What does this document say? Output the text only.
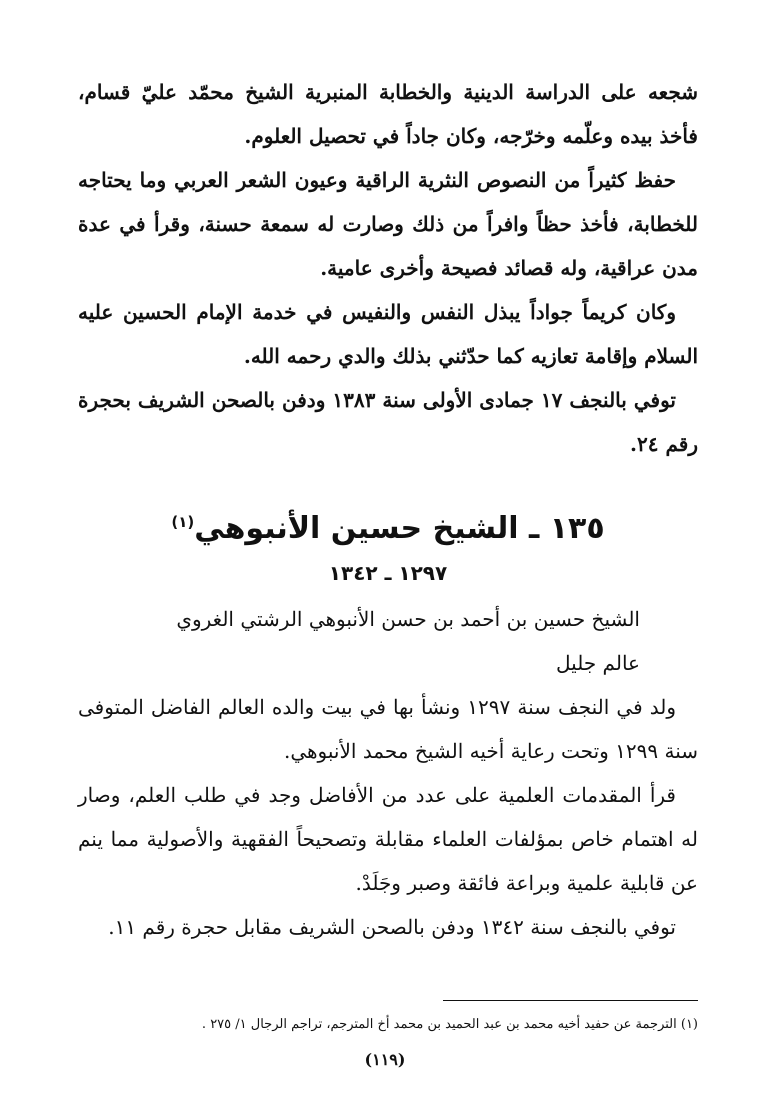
شجعه على الدراسة الدينية والخطابة المنبرية الشيخ محمّد عليّ قسام، فأخذ بيده وعلّمه وخرّجه، وكان جاداً في تحصيل العلوم.

حفظ كثيراً من النصوص النثرية الراقية وعيون الشعر العربي وما يحتاجه للخطابة، فأخذ حظاً وافراً من ذلك وصارت له سمعة حسنة، وقرأ في عدة مدن عراقية، وله قصائد فصيحة وأخرى عامية.

وكان كريماً جواداً يبذل النفس والنفيس في خدمة الإمام الحسين عليه السلام وإقامة تعازيه كما حدّثني بذلك والدي رحمه الله.

توفي بالنجف ١٧ جمادى الأولى سنة ١٣٨٣ ودفن بالصحن الشريف بحجرة رقم ٢٤.

١٣٥ ـ الشيخ حسين الأنبوهي$^{(١)}$
١٢٩٧ ـ ١٣٤٢

الشيخ حسين بن أحمد بن حسن الأنبوهي الرشتي الغروي

عالم جليل

ولد في النجف سنة ١٢٩٧ ونشأ بها في بيت والده العالم الفاضل المتوفى سنة ١٢٩٩ وتحت رعاية أخيه الشيخ محمد الأنبوهي.

قرأ المقدمات العلمية على عدد من الأفاضل وجد في طلب العلم، وصار له اهتمام خاص بمؤلفات العلماء مقابلة وتصحيحاً الفقهية والأصولية مما ينم عن قابلية علمية وبراعة فائقة وصبر وجَلَدْ.

توفي بالنجف سنة ١٣٤٢ ودفن بالصحن الشريف مقابل حجرة رقم ١١.

(١) الترجمة عن حفيد أخيه محمد بن عبد الحميد بن محمد أخ المترجم، تراجم الرجال ١/ ٢٧٥ .
(١١٩)
